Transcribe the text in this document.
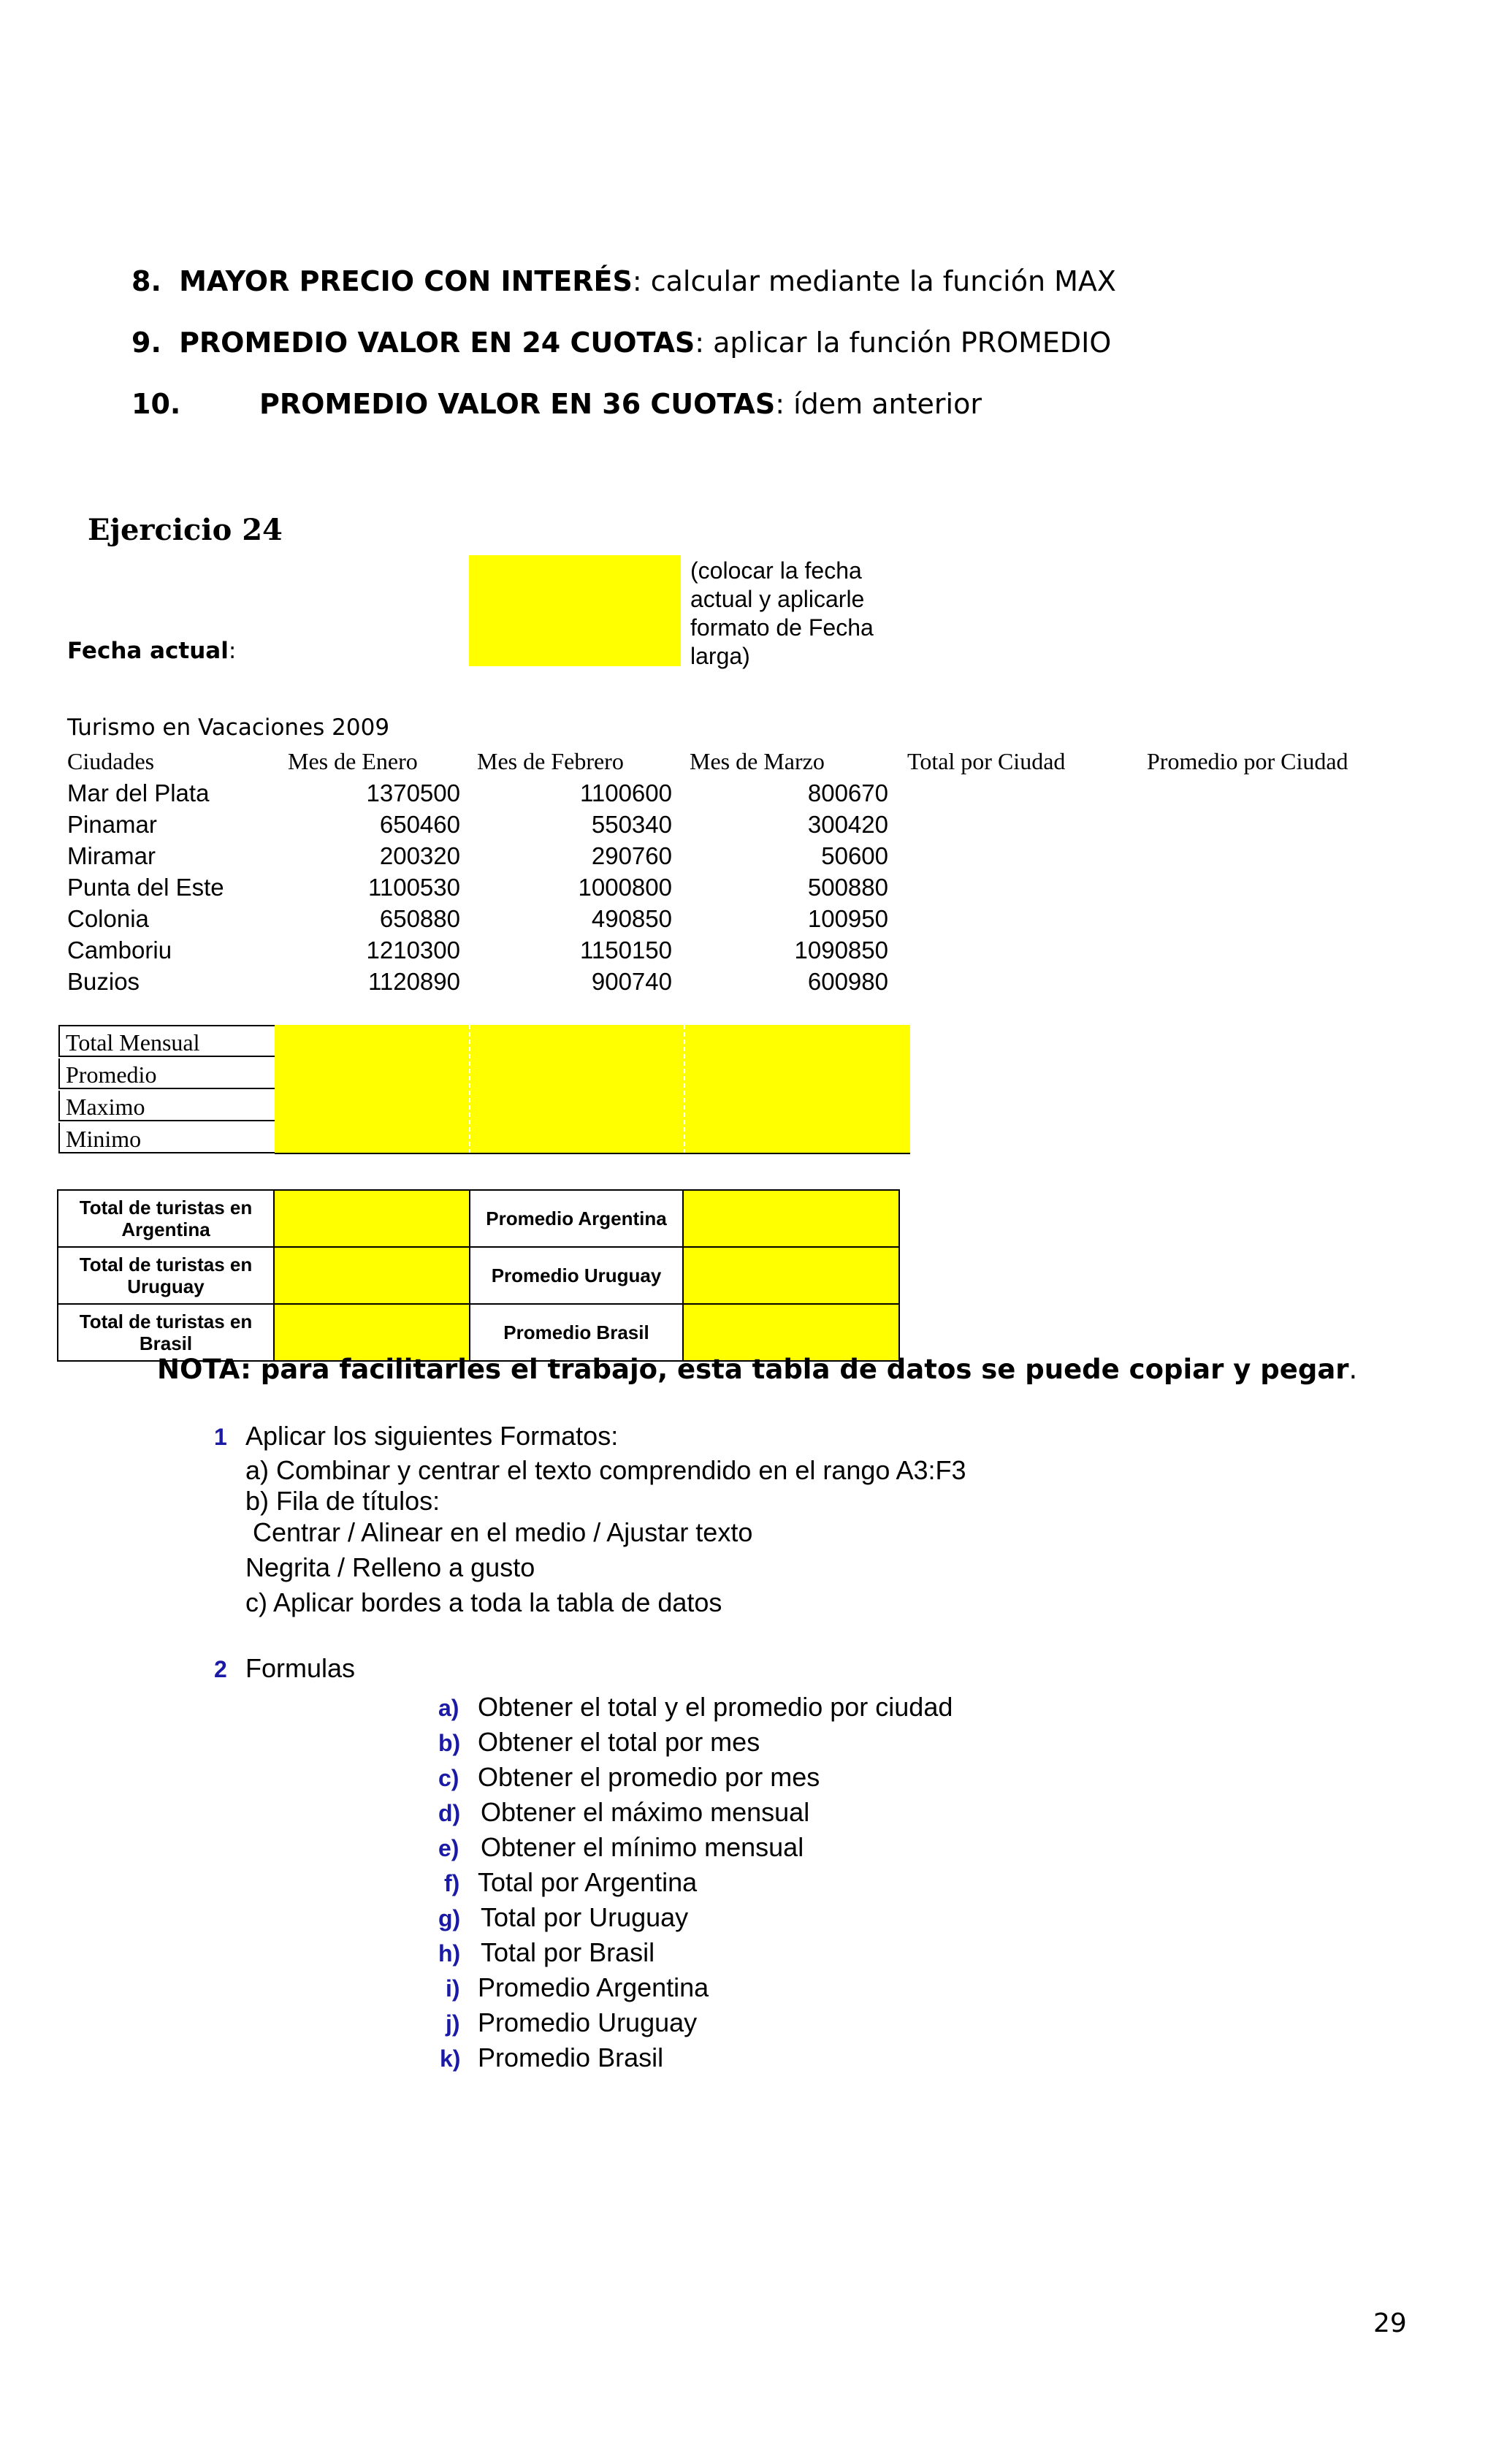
8. MAYOR PRECIO CON INTERÉS: calcular mediante la función MAX
9. PROMEDIO VALOR EN 24 CUOTAS: aplicar la función PROMEDIO
10.	PROMEDIO VALOR EN 36 CUOTAS: ídem anterior
Ejercicio 24
Fecha actual:
(colocar la fecha
actual y aplicarle
formato de Fecha
larga)
Turismo en Vacaciones 2009
Ciudades	Mes de Enero	Mes de Febrero	Mes de Marzo	Total por Ciudad	Promedio por Ciudad
Mar del Plata	1370500	1100600	800670
Pinamar	650460	550340	300420
Miramar	200320	290760	50600
Punta del Este	1100530	1000800	500880
Colonia	650880	490850	100950
Camboriu	1210300	1150150	1090850
Buzios	1120890	900740	600980
Total Mensual
Promedio
Maximo
Minimo
Total de turistas en Argentina	Promedio Argentina
Total de turistas en Uruguay	Promedio Uruguay
Total de turistas en Brasil	Promedio Brasil
NOTA: para facilitarles el trabajo, esta tabla de datos se puede copiar y pegar.
1 Aplicar los siguientes Formatos:
a) Combinar y centrar el texto comprendido en el rango A3:F3
b) Fila de títulos:
Centrar / Alinear en el medio / Ajustar texto
Negrita / Relleno a gusto
c) Aplicar bordes a toda la tabla de datos
2 Formulas
a) Obtener el total y el promedio por ciudad
b) Obtener el total por mes
c) Obtener el promedio por mes
d) Obtener el máximo mensual
e) Obtener el mínimo mensual
f) Total por Argentina
g) Total por Uruguay
h) Total por Brasil
i) Promedio Argentina
j) Promedio Uruguay
k) Promedio Brasil
29
